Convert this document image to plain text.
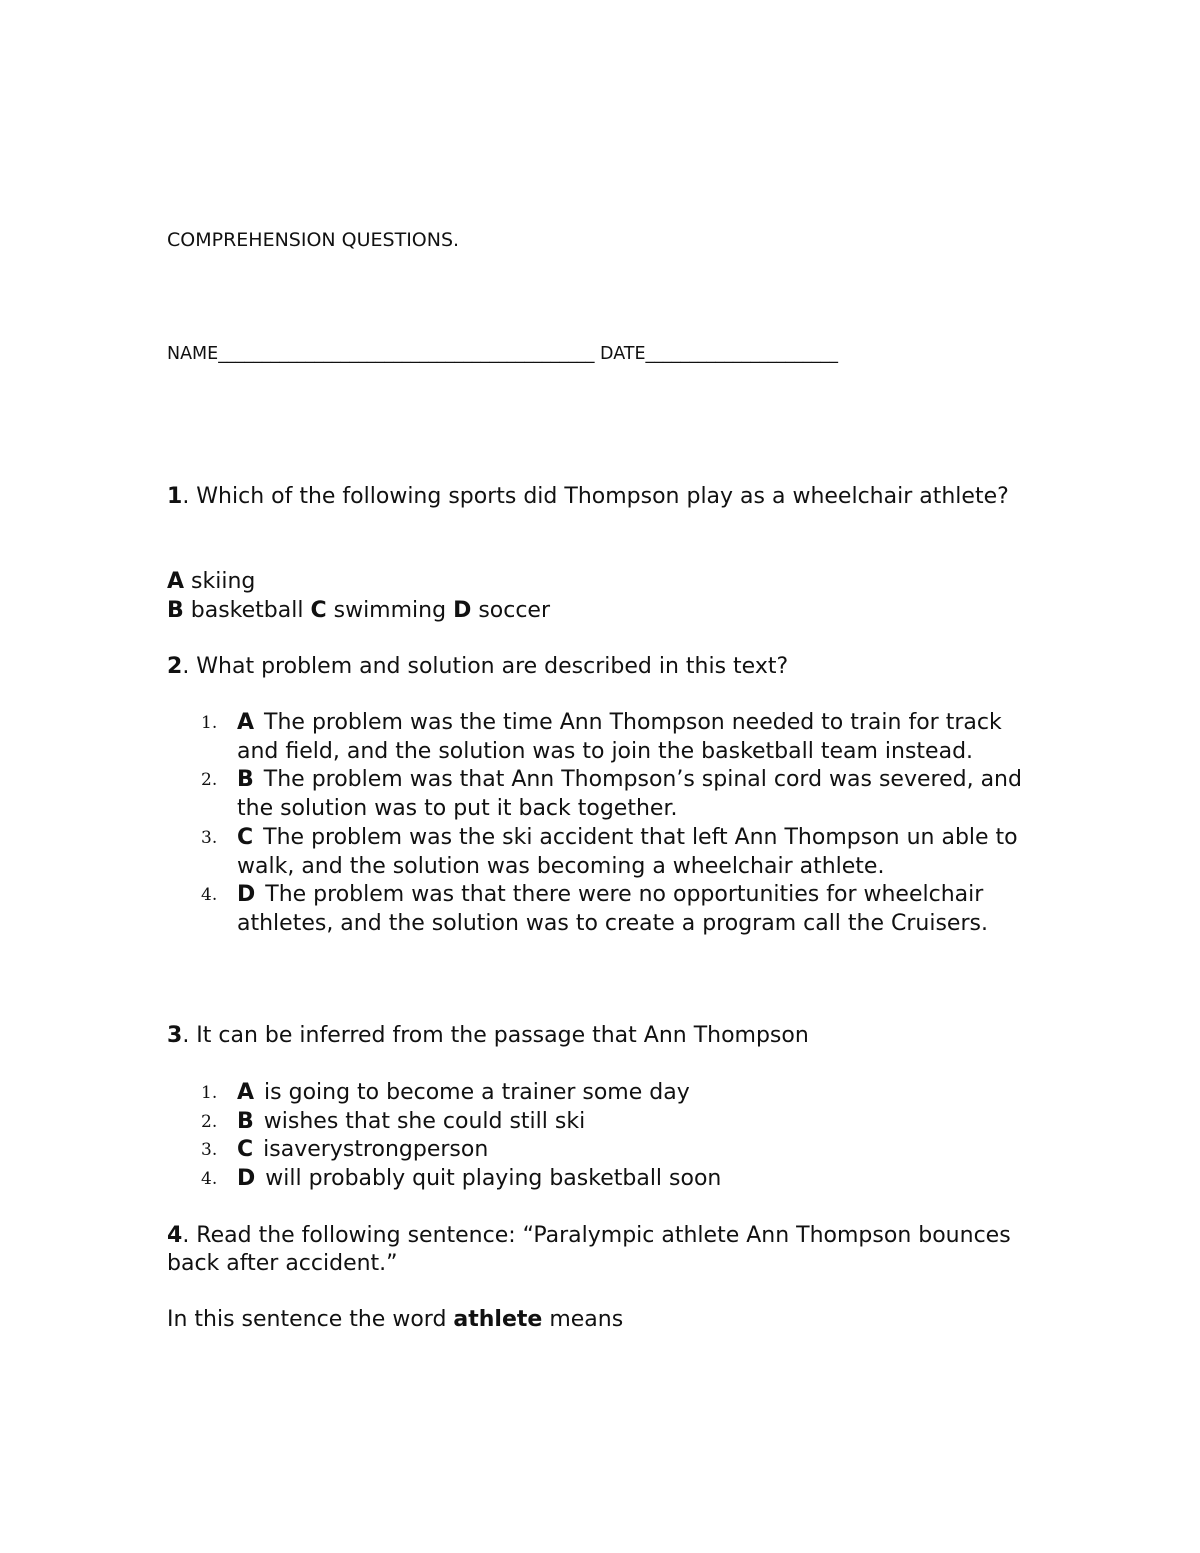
COMPREHENSION QUESTIONS.
NAME___________________________________________ DATE______________________
1. Which of the following sports did Thompson play as a wheelchair athlete?
A skiing
B basketball C swimming D soccer
2. What problem and solution are described in this text?
1. A The problem was the time Ann Thompson needed to train for track and field, and the solution was to join the basketball team instead.
2. B The problem was that Ann Thompson’s spinal cord was severed, and the solution was to put it back together.
3. C The problem was the ski accident that left Ann Thompson un able to walk, and the solution was becoming a wheelchair athlete.
4. D The problem was that there were no opportunities for wheelchair athletes, and the solution was to create a program call the Cruisers.
3. It can be inferred from the passage that Ann Thompson
1. A is going to become a trainer some day
2. B wishes that she could still ski
3. C isaverystrongperson
4. D will probably quit playing basketball soon
4. Read the following sentence: “Paralympic athlete Ann Thompson bounces back after accident.”
In this sentence the word athlete means
